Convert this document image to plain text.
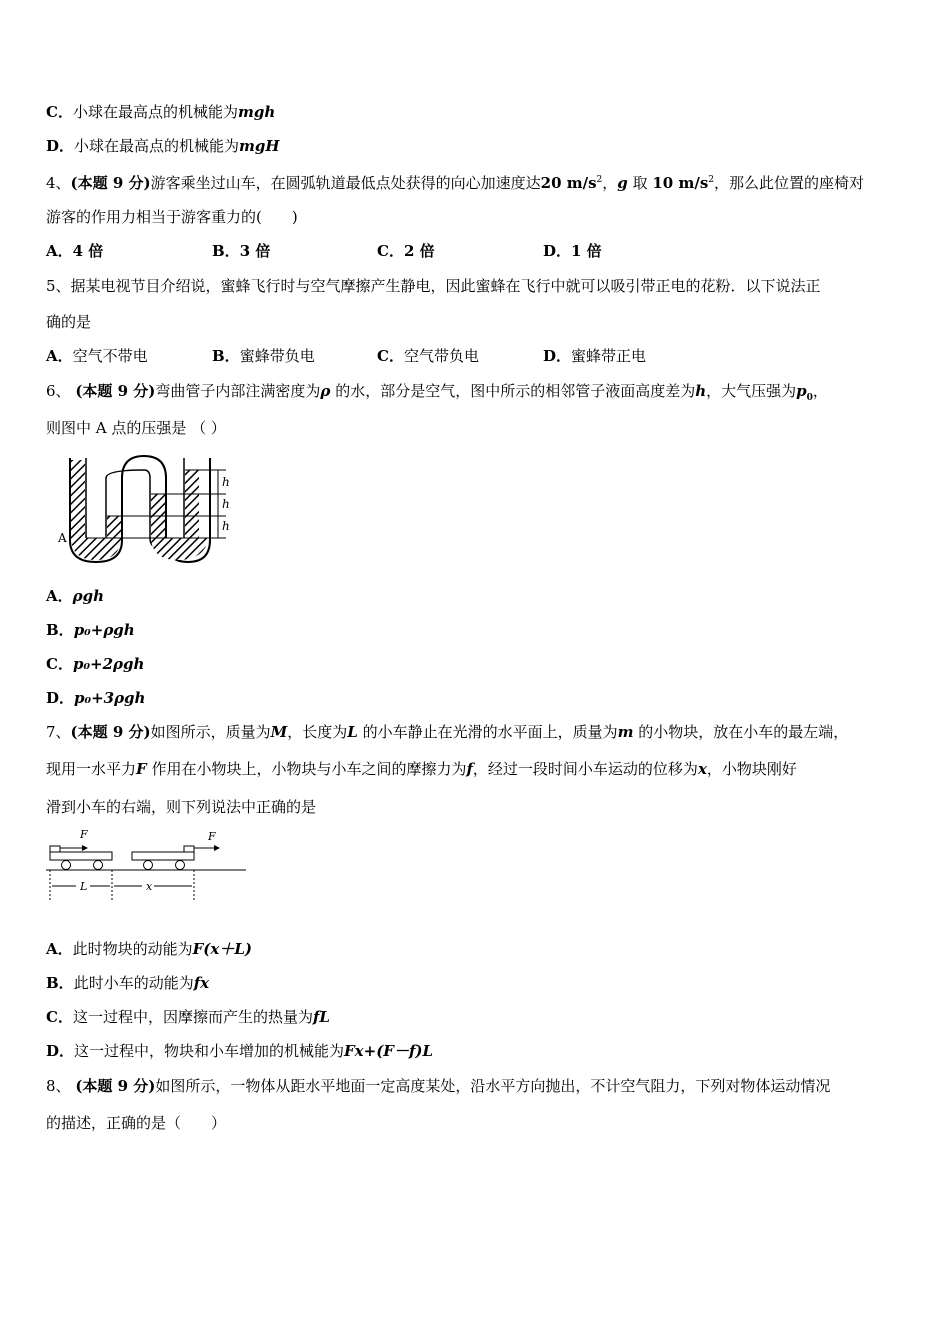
C．小球在最高点的机械能为mgh
D．小球在最高点的机械能为mgH
4、(本题 9 分)游客乘坐过山车，在圆弧轨道最低点处获得的向心加速度达20 $m/s^2$，g 取 10 $m/s^2$，那么此位置的座椅对
游客的作用力相当于游客重力的(　　)
A．4 倍	B．3 倍	C．2 倍	D．1 倍
5、据某电视节目介绍说，蜜蜂飞行时与空气摩擦产生静电，因此蜜蜂在飞行中就可以吸引带正电的花粉．以下说法正
确的是
A．空气不带电	B．蜜蜂带负电	C．空气带负电	D．蜜蜂带正电
6、 (本题 9 分)弯曲管子内部注满密度为ρ 的水，部分是空气，图中所示的相邻管子液面高度差为h，大气压强为$p_0$，
则图中 A 点的压强是 （ ）
h
h
h
A
A．ρgh
B．p₀+ρgh
C．p₀+2ρgh
D．p₀+3ρgh
7、(本题 9 分)如图所示，质量为M，长度为L 的小车静止在光滑的水平面上，质量为m 的小物块，放在小车的最左端，
现用一水平力F 作用在小物块上，小物块与小车之间的摩擦力为f，经过一段时间小车运动的位移为x，小物块刚好
滑到小车的右端，则下列说法中正确的是
F	F
L	x
A．此时物块的动能为F(x＋L)
B．此时小车的动能为fx
C．这一过程中，因摩擦而产生的热量为fL
D．这一过程中，物块和小车增加的机械能为Fx+(F－f)L
8、 (本题 9 分)如图所示，一物体从距水平地面一定高度某处，沿水平方向抛出，不计空气阻力，下列对物体运动情况
的描述，正确的是（　　）
